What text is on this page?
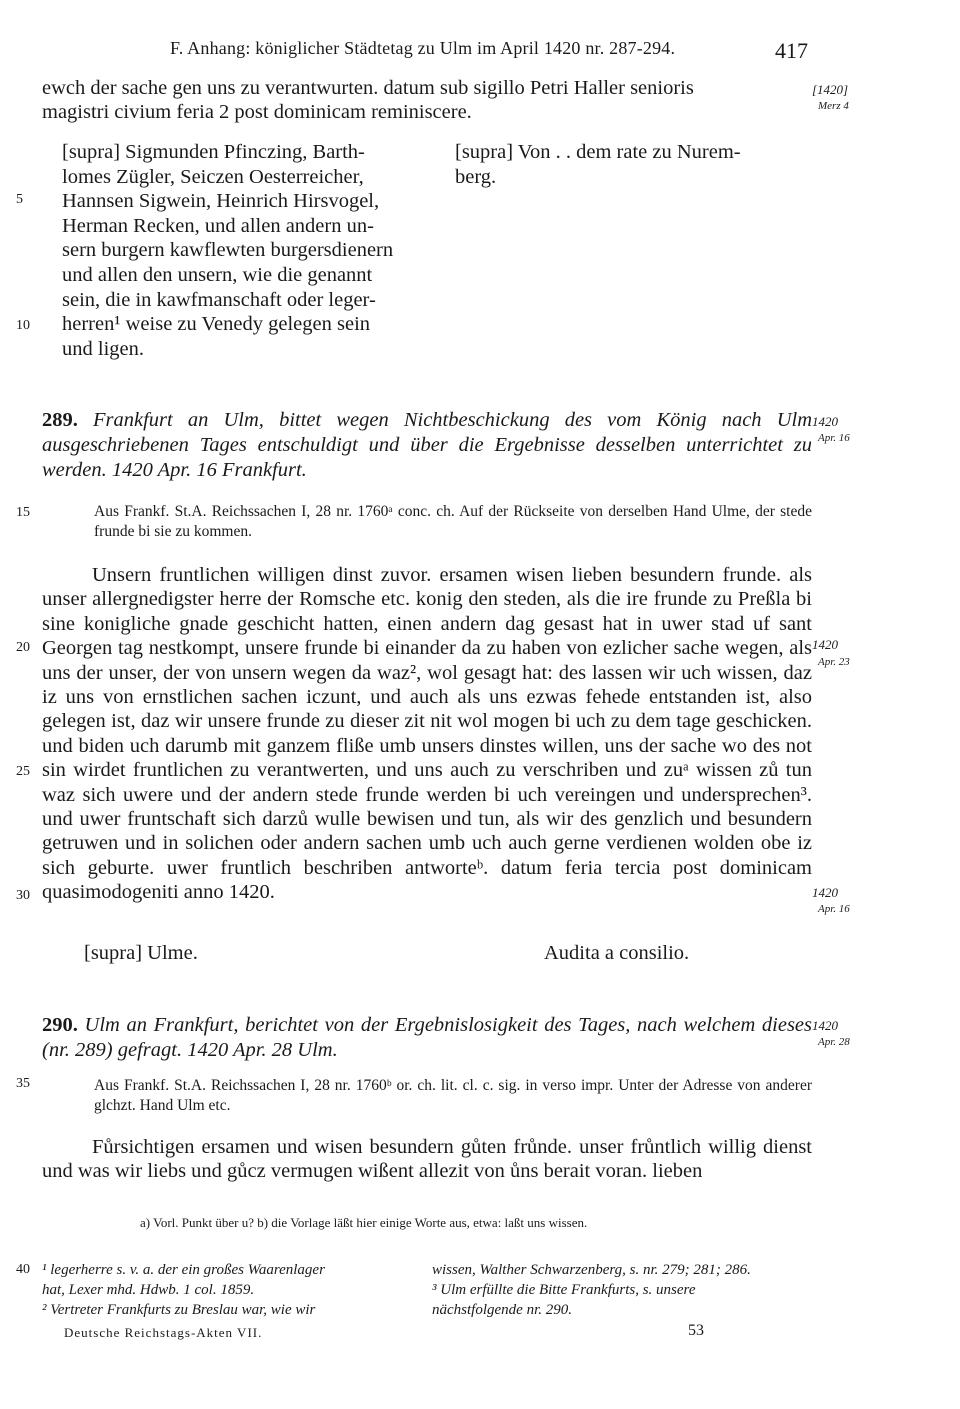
F. Anhang: königlicher Städtetag zu Ulm im April 1420 nr. 287-294.	417
ewch der sache gen uns zu verantwurten. datum sub sigillo Petri Haller senioris
magistri civium feria 2 post dominicam reminiscere.
[1420]
Merz 4
[supra] Sigmunden Pfinczing, Barth-
lomes Zügler, Seiczen Oesterreicher,
Hannsen Sigwein, Heinrich Hirsvogel,
Herman Recken, und allen andern un-
sern burgern kawflewten burgersdienern
und allen den unsern, wie die genannt
sein, die in kawfmanschaft oder leger-
herren¹ weise zu Venedy gelegen sein
und ligen.
[supra] Von . . dem rate zu Nurem-
berg.
5
10
15
20
25
30
35
40
289. Frankfurt an Ulm, bittet wegen Nichtbeschickung des vom König nach Ulm ausgeschriebenen Tages entschuldigt und über die Ergebnisse desselben unterrichtet zu werden. 1420 Apr. 16 Frankfurt.
1420
Apr. 16
Aus Frankf. St.A. Reichssachen I, 28 nr. 1760ᵃ conc. ch. Auf der Rückseite von derselben Hand Ulme, der stede frunde bi sie zu kommen.
Unsern fruntlichen willigen dinst zuvor. ersamen wisen lieben besundern frunde. als unser allergnedigster herre der Romsche etc. konig den steden, als die ire frunde zu Preßla bi sine konigliche gnade geschicht hatten, einen andern dag gesast hat in uwer stad uf sant Georgen tag nestkompt, unsere frunde bi einander da zu haben von ezlicher sache wegen, als uns der unser, der von unsern wegen da waz², wol gesagt hat: des lassen wir uch wissen, daz iz uns von ernstlichen sachen iczunt, und auch als uns ezwas fehede entstanden ist, also gelegen ist, daz wir unsere frunde zu dieser zit nit wol mogen bi uch zu dem tage geschicken. und biden uch darumb mit ganzem fliße umb unsers dinstes willen, uns der sache wo des not sin wirdet fruntlichen zu verantwerten, und uns auch zu verschriben und zuᵃ wissen zů tun waz sich uwere und der andern stede frunde werden bi uch vereingen und undersprechen³. und uwer fruntschaft sich darzů wulle bewisen und tun, als wir des genzlich und besundern getruwen und in solichen oder andern sachen umb uch auch gerne verdienen wolden obe iz sich geburte. uwer fruntlich beschriben antworteᵇ. datum feria tercia post dominicam quasimodogeniti anno 1420.
1420
Apr. 23
1420
Apr. 16
[supra] Ulme.	Audita a consilio.
290. Ulm an Frankfurt, berichtet von der Ergebnislosigkeit des Tages, nach welchem dieses (nr. 289) gefragt. 1420 Apr. 28 Ulm.
1420
Apr. 28
Aus Frankf. St.A. Reichssachen I, 28 nr. 1760ᵇ or. ch. lit. cl. c. sig. in verso impr. Unter der Adresse von anderer glchzt. Hand Ulm etc.
Fůrsichtigen ersamen und wisen besundern gůten frůnde. unser frůntlich willig dienst und was wir liebs und gůcz vermugen wißent allezit von ůns berait voran. lieben
a) Vorl. Punkt über u? b) die Vorlage läßt hier einige Worte aus, etwa: laßt uns wissen.
¹ legerherre s. v. a. der ein großes Waarenlager
hat, Lexer mhd. Hdwb. 1 col. 1859.
² Vertreter Frankfurts zu Breslau war, wie wir
wissen, Walther Schwarzenberg, s. nr. 279; 281; 286.
³ Ulm erfüllte die Bitte Frankfurts, s. unsere
nächstfolgende nr. 290.
Deutsche Reichstags-Akten VII.	53
